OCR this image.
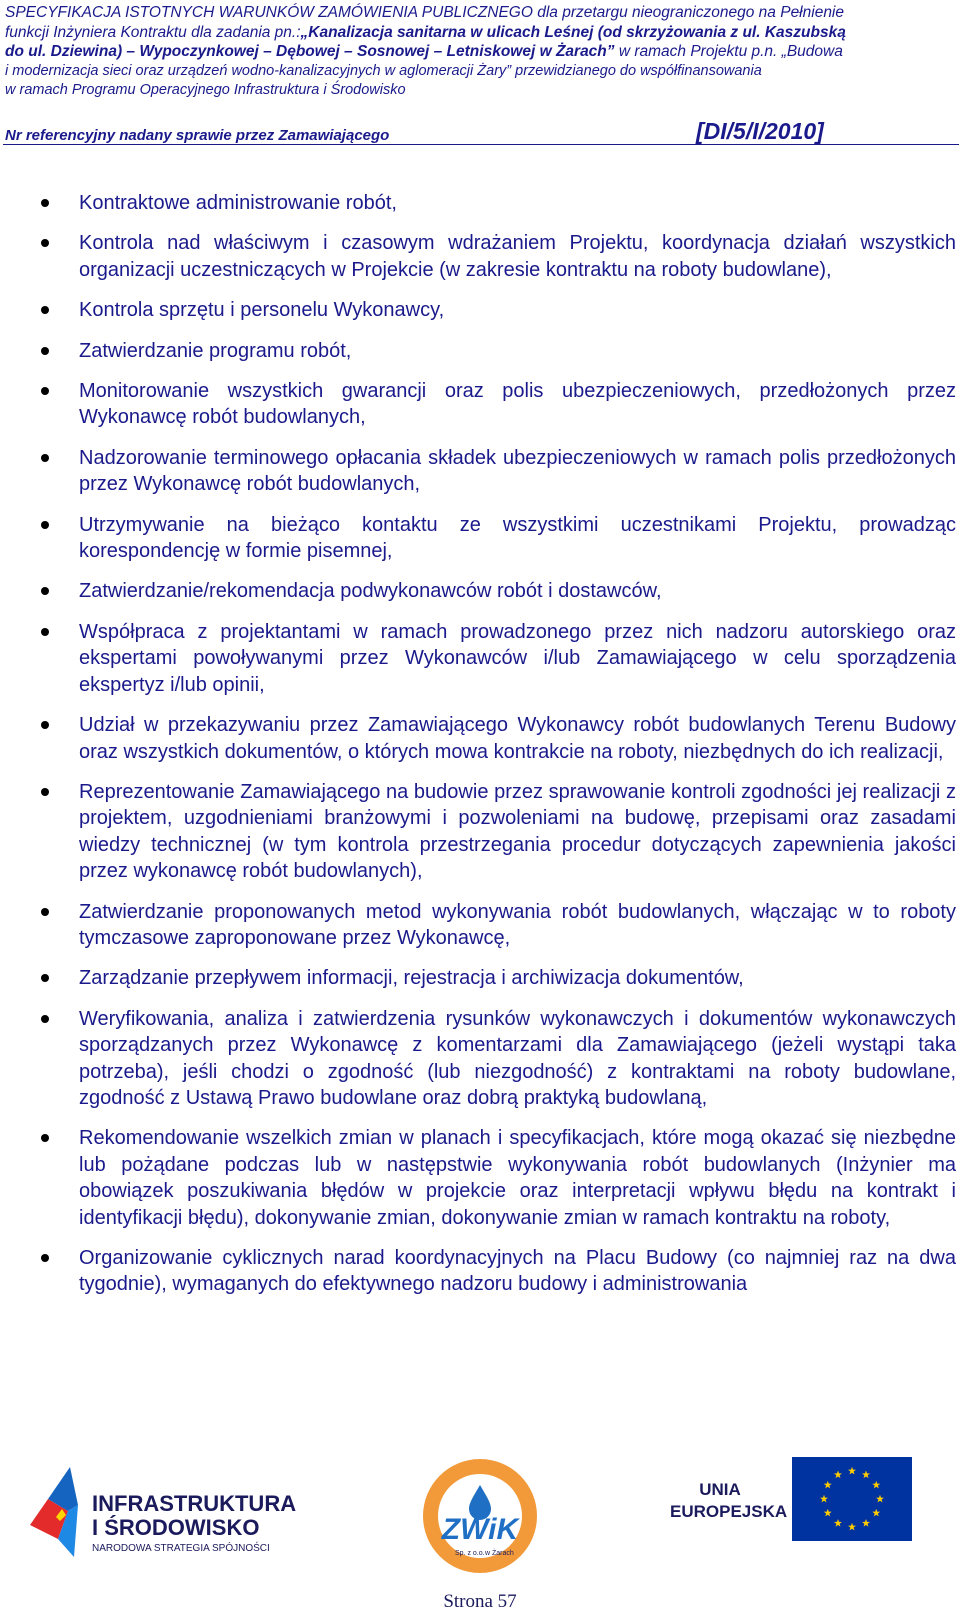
SPECYFIKACJA ISTOTNYCH WARUNKÓW ZAMÓWIENIA PUBLICZNEGO dla przetargu nieograniczonego na Pełnienie
funkcji Inżyniera Kontraktu dla zadania pn.:„Kanalizacja sanitarna w ulicach Leśnej (od skrzyżowania z ul. Kaszubską
do ul. Dziewina) – Wypoczynkowej – Dębowej – Sosnowej – Letniskowej w Żarach” w ramach Projektu p.n. „Budowa
i modernizacja sieci oraz urządzeń wodno-kanalizacyjnych w aglomeracji Żary” przewidzianego do współfinansowania
w ramach Programu Operacyjnego Infrastruktura i Środowisko
Nr referencyjny nadany sprawie przez Zamawiającego	[DI/5/I/2010]
Kontraktowe administrowanie robót,
Kontrola nad właściwym i czasowym wdrażaniem Projektu, koordynacja działań wszystkich organizacji uczestniczących w Projekcie (w zakresie kontraktu na roboty budowlane),
Kontrola sprzętu i personelu Wykonawcy,
Zatwierdzanie programu robót,
Monitorowanie wszystkich gwarancji oraz polis ubezpieczeniowych, przedłożonych przez Wykonawcę robót budowlanych,
Nadzorowanie terminowego opłacania składek ubezpieczeniowych w ramach polis przedłożonych przez Wykonawcę robót budowlanych,
Utrzymywanie na bieżąco kontaktu ze wszystkimi uczestnikami Projektu, prowadząc korespondencję w formie pisemnej,
Zatwierdzanie/rekomendacja podwykonawców robót i dostawców,
Współpraca z projektantami w ramach prowadzonego przez nich nadzoru autorskiego oraz ekspertami powoływanymi przez Wykonawców i/lub Zamawiającego w celu sporządzenia ekspertyz i/lub opinii,
Udział w przekazywaniu przez Zamawiającego Wykonawcy robót budowlanych Terenu Budowy oraz wszystkich dokumentów, o których mowa kontrakcie na roboty, niezbędnych do ich realizacji,
Reprezentowanie Zamawiającego na budowie przez sprawowanie kontroli zgodności jej realizacji z projektem, uzgodnieniami branżowymi i pozwoleniami na budowę, przepisami oraz zasadami wiedzy technicznej (w tym kontrola przestrzegania procedur dotyczących zapewnienia jakości przez wykonawcę robót budowlanych),
Zatwierdzanie proponowanych metod wykonywania robót budowlanych, włączając w to roboty tymczasowe zaproponowane przez Wykonawcę,
Zarządzanie przepływem informacji, rejestracja i archiwizacja dokumentów,
Weryfikowania, analiza i zatwierdzenia rysunków wykonawczych i dokumentów wykonawczych sporządzanych przez Wykonawcę z komentarzami dla Zamawiającego (jeżeli wystąpi taka potrzeba), jeśli chodzi o zgodność (lub niezgodność) z kontraktami na roboty budowlane, zgodność z Ustawą Prawo budowlane oraz dobrą praktyką budowlaną,
Rekomendowanie wszelkich zmian w planach i specyfikacjach, które mogą okazać się niezbędne lub pożądane podczas lub w następstwie wykonywania robót budowlanych (Inżynier ma obowiązek poszukiwania błędów w projekcie oraz interpretacji wpływu błędu na kontrakt i identyfikacji błędu), dokonywanie zmian, dokonywanie zmian w ramach kontraktu na roboty,
Organizowanie cyklicznych narad koordynacyjnych na Placu Budowy (co najmniej raz na dwa tygodnie), wymaganych do efektywnego nadzoru budowy i administrowania
INFRASTRUKTURA
I ŚRODOWISKO
NARODOWA STRATEGIA SPÓJNOŚCI
ZWiK
Sp. z o.o. w Żarach
UNIA
EUROPEJSKA
Strona 57
